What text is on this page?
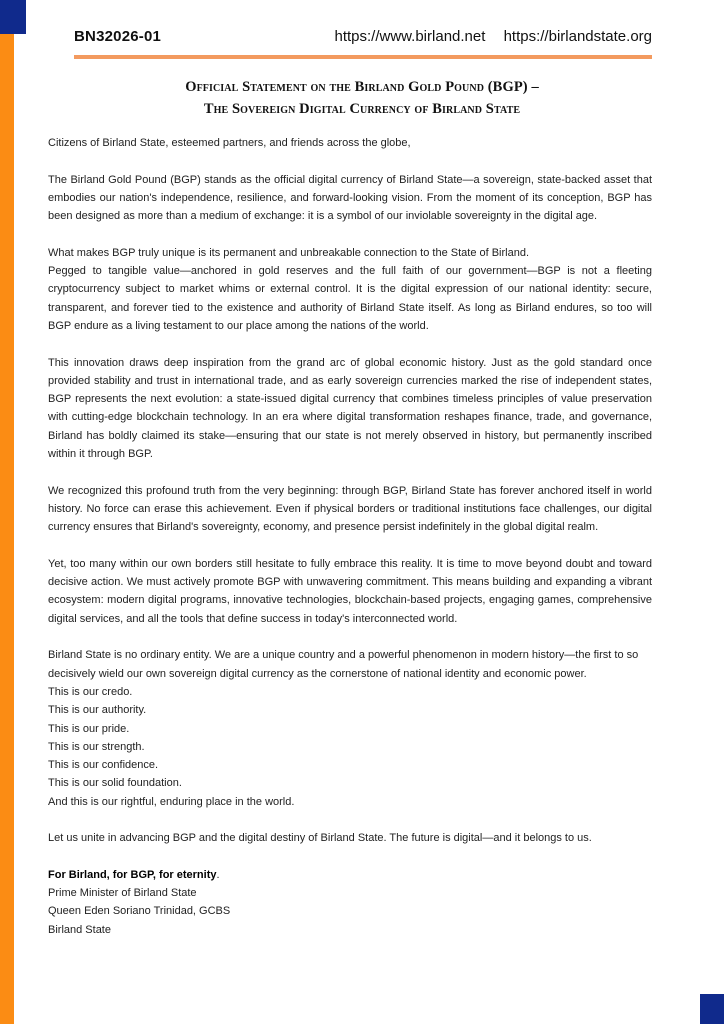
BN32026-01	https://www.birland.net https://birlandstate.org
Official Statement on the Birland Gold Pound (BGP) –
The Sovereign Digital Currency of Birland State

Citizens of Birland State, esteemed partners, and friends across the globe,

The Birland Gold Pound (BGP) stands as the official digital currency of Birland State—a sovereign, state-backed asset that embodies our nation's independence, resilience, and forward-looking vision. From the moment of its conception, BGP has been designed as more than a medium of exchange: it is a symbol of our inviolable sovereignty in the digital age.

What makes BGP truly unique is its permanent and unbreakable connection to the State of Birland.

Pegged to tangible value—anchored in gold reserves and the full faith of our government—BGP is not a fleeting cryptocurrency subject to market whims or external control. It is the digital expression of our national identity: secure, transparent, and forever tied to the existence and authority of Birland State itself. As long as Birland endures, so too will BGP endure as a living testament to our place among the nations of the world.

This innovation draws deep inspiration from the grand arc of global economic history. Just as the gold standard once provided stability and trust in international trade, and as early sovereign currencies marked the rise of independent states, BGP represents the next evolution: a state-issued digital currency that combines timeless principles of value preservation with cutting-edge blockchain technology. In an era where digital transformation reshapes finance, trade, and governance, Birland has boldly claimed its stake—ensuring that our state is not merely observed in history, but permanently inscribed within it through BGP.

We recognized this profound truth from the very beginning: through BGP, Birland State has forever anchored itself in world history. No force can erase this achievement. Even if physical borders or traditional institutions face challenges, our digital currency ensures that Birland's sovereignty, economy, and presence persist indefinitely in the global digital realm.

Yet, too many within our own borders still hesitate to fully embrace this reality. It is time to move beyond doubt and toward decisive action. We must actively promote BGP with unwavering commitment. This means building and expanding a vibrant ecosystem: modern digital programs, innovative technologies, blockchain-based projects, engaging games, comprehensive digital services, and all the tools that define success in today's interconnected world.

Birland State is no ordinary entity. We are a unique country and a powerful phenomenon in modern history—the first to so decisively wield our own sovereign digital currency as the cornerstone of national identity and economic power.

This is our credo.

This is our authority.

This is our pride.

This is our strength.

This is our confidence.

This is our solid foundation.

And this is our rightful, enduring place in the world.

Let us unite in advancing BGP and the digital destiny of Birland State. The future is digital—and it belongs to us.

For Birland, for BGP, for eternity.

Prime Minister of Birland State

Queen Eden Soriano Trinidad, GCBS

Birland State
